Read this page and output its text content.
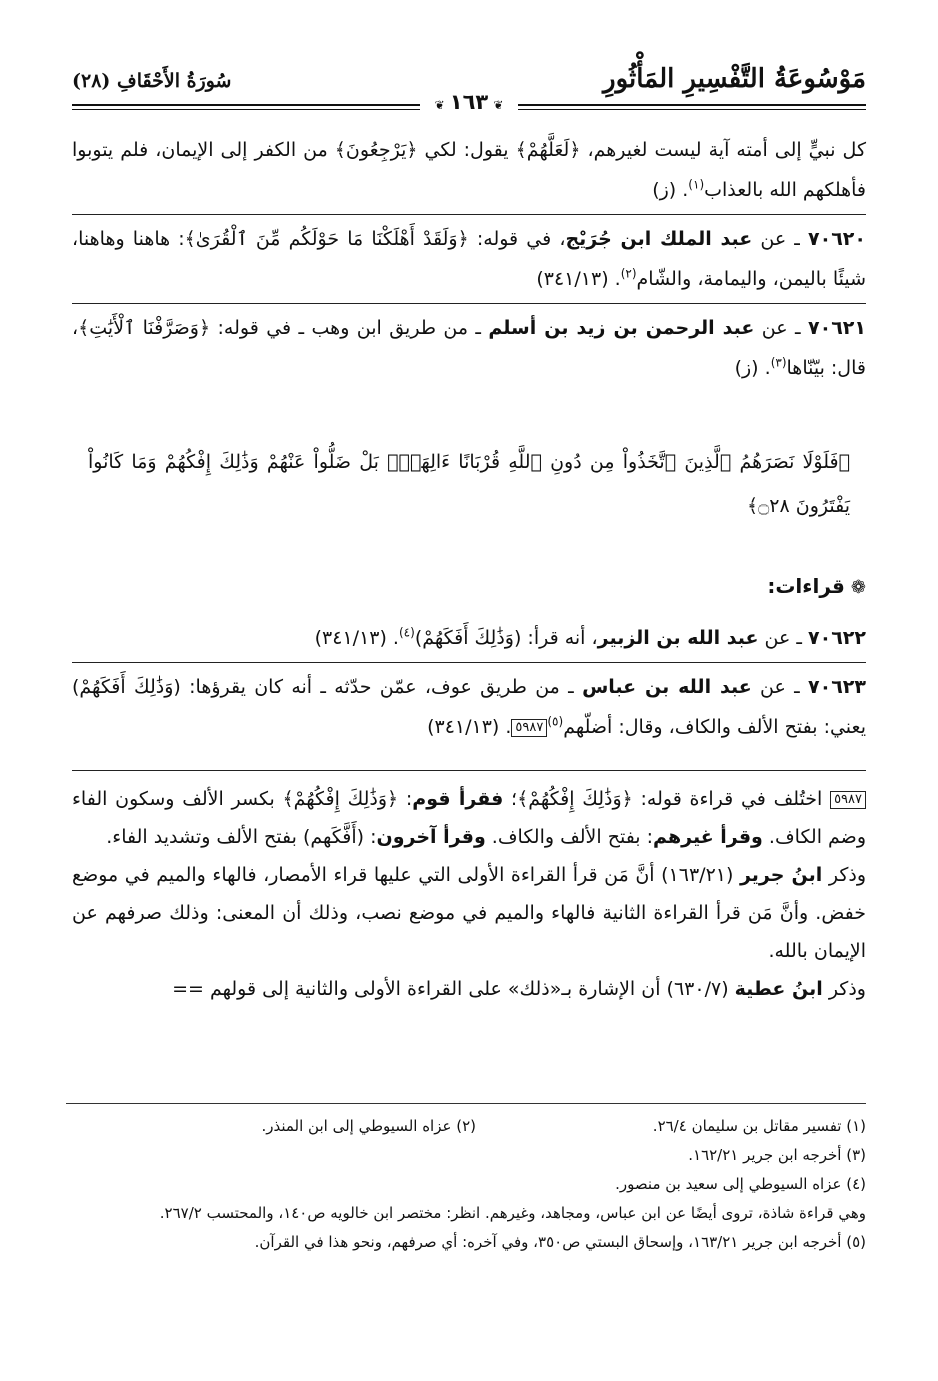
مَوْسُوعَةُ التَّفْسِيرِ المَأْثُورِ
سُورَةُ الأَحْقَافِ (٢٨)
❦ ١٦٣ ❦

كل نبيٍّ إلى أمته آية ليست لغيرهم، ﴿لَعَلَّهُمْ﴾ يقول: لكي ﴿يَرْجِعُونَ﴾ من الكفر إلى الإيمان، فلم يتوبوا فأهلكهم الله بالعذاب$^{(١)}$. (ز)

٧٠٦٢٠ ـ عن عبد الملك ابن جُرَيْج، في قوله: ﴿وَلَقَدْ أَهْلَكْنَا مَا حَوْلَكُم مِّنَ ٱلْقُرَىٰ﴾: هاهنا وهاهنا، شيئًا باليمن، واليمامة، والشّام$^{(٢)}$. (٣٤١/١٣)

٧٠٦٢١ ـ عن عبد الرحمن بن زيد بن أسلم ـ من طريق ابن وهب ـ في قوله: ﴿وَصَرَّفْنَا ٱلْأَيَٰتِ﴾، قال: بيّنّاها$^{(٣)}$. (ز)

﴿فَلَوْلَا نَصَرَهُمُ ٱلَّذِينَ ٱتَّخَذُواْ مِن دُونِ ٱللَّهِ قُرْبَانًا ءَالِهَةَۢ بَلْ ضَلُّواْ عَنْهُمْ وَذَٰلِكَ إِفْكُهُمْ وَمَا كَانُواْ يَفْتَرُونَ ۝٢٨﴾
❁قراءات:

٧٠٦٢٢ ـ عن عبد الله بن الزبير، أنه قرأ: (وَذَٰلِكَ أَفَكَهُمْ)$^{(٤)}$. (٣٤١/١٣)

٧٠٦٢٣ ـ عن عبد الله بن عباس ـ من طريق عوف، عمّن حدّثه ـ أنه كان يقرؤها: (وَذَٰلِكَ أَفَكَهُمْ) يعني: بفتح الألف والكاف، وقال: أضلّهم$^{(٥)}$٥٩٨٧. (٣٤١/١٣)

٥٩٨٧ اختُلف في قراءة قوله: ﴿وَذَٰلِكَ إِفْكُهُمْ﴾؛ فقرأ قوم: ﴿وَذَٰلِكَ إِفْكُهُمْ﴾ بكسر الألف وسكون الفاء وضم الكاف. وقرأ غيرهم: بفتح الألف والكاف. وقرأ آخرون: (أَفَّكَهم) بفتح الألف وتشديد الفاء.

وذكر ابنُ جرير (١٦٣/٢١) أنَّ مَن قرأ القراءة الأولى التي عليها قراء الأمصار، فالهاء والميم في موضع خفض. وأنَّ مَن قرأ القراءة الثانية فالهاء والميم في موضع نصب، وذلك أن المعنى: وذلك صرفهم عن الإيمان بالله.

وذكر ابنُ عطية (٦٣٠/٧) أن الإشارة بـ«ذلك» على القراءة الأولى والثانية إلى قولهم ==

(١) تفسير مقاتل بن سليمان ٢٦/٤.(٢) عزاه السيوطي إلى ابن المنذر.

(٣) أخرجه ابن جرير ١٦٢/٢١.

(٤) عزاه السيوطي إلى سعيد بن منصور.

وهي قراءة شاذة، تروى أيضًا عن ابن عباس، ومجاهد، وغيرهم. انظر: مختصر ابن خالويه ص١٤٠، والمحتسب ٢٦٧/٢.

(٥) أخرجه ابن جرير ١٦٣/٢١، وإسحاق البستي ص٣٥٠، وفي آخره: أي صرفهم، ونحو هذا في القرآن.
